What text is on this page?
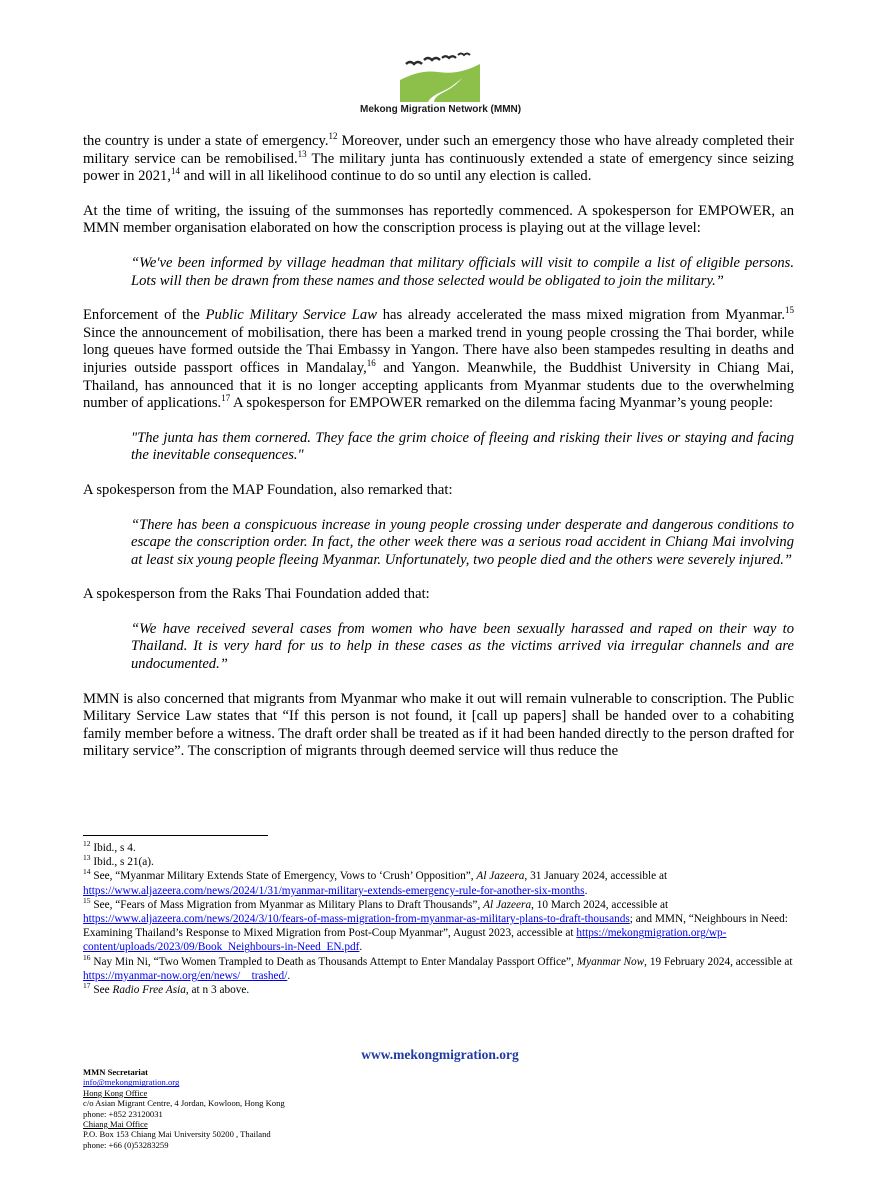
Mekong Migration Network (MMN)

the country is under a state of emergency.$^{12}$ Moreover, under such an emergency those who have already completed their military service can be remobilised.$^{13}$ The military junta has continuously extended a state of emergency since seizing power in 2021,14 and will in all likelihood continue to do so until any election is called.

At the time of writing, the issuing of the summonses has reportedly commenced. A spokesperson for EMPOWER, an MMN member organisation elaborated on how the conscription process is playing out at the village level:

“We've been informed by village headman that military officials will visit to compile a list of eligible persons. Lots will then be drawn from these names and those selected would be obligated to join the military.”

Enforcement of the Public Military Service Law has already accelerated the mass mixed migration from Myanmar.$^{15}$ Since the announcement of mobilisation, there has been a marked trend in young people crossing the Thai border, while long queues have formed outside the Thai Embassy in Yangon. There have also been stampedes resulting in deaths and injuries outside passport offices in Mandalay,$^{16}$ and Yangon. Meanwhile, the Buddhist University in Chiang Mai, Thailand, has announced that it is no longer accepting applicants from Myanmar students due to the overwhelming number of applications.$^{17}$ A spokesperson for EMPOWER remarked on the dilemma facing Myanmar’s young people:

"The junta has them cornered. They face the grim choice of fleeing and risking their lives or staying and facing the inevitable consequences."

A spokesperson from the MAP Foundation, also remarked that:

“There has been a conspicuous increase in young people crossing under desperate and dangerous conditions to escape the conscription order. In fact, the other week there was a serious road accident in Chiang Mai involving at least six young people fleeing Myanmar. Unfortunately, two people died and the others were severely injured.”

A spokesperson from the Raks Thai Foundation added that:

“We have received several cases from women who have been sexually harassed and raped on their way to Thailand. It is very hard for us to help in these cases as the victims arrived via irregular channels and are undocumented.”

MMN is also concerned that migrants from Myanmar who make it out will remain vulnerable to conscription. The Public Military Service Law states that “If this person is not found, it [call up papers] shall be handed over to a cohabiting family member before a witness. The draft order shall be treated as if it had been handed directly to the person drafted for military service”. The conscription of migrants through deemed service will thus reduce the

$^{12}$ Ibid., s 4.

$^{13}$ Ibid., s 21(a).

$^{14}$ See, “Myanmar Military Extends State of Emergency, Vows to ‘Crush’ Opposition”, Al Jazeera, 31 January 2024, accessible at https://www.aljazeera.com/news/2024/1/31/myanmar-military-extends-emergency-rule-for-another-six-months.

$^{15}$ See, “Fears of Mass Migration from Myanmar as Military Plans to Draft Thousands”, Al Jazeera, 10 March 2024, accessible at https://www.aljazeera.com/news/2024/3/10/fears-of-mass-migration-from-myanmar-as-military-plans-to-draft-thousands; and MMN, “Neighbours in Need: Examining Thailand’s Response to Mixed Migration from Post-Coup Myanmar”, August 2023, accessible at https://mekongmigration.org/wp-content/uploads/2023/09/Book_Neighbours-in-Need_EN.pdf.

$^{16}$ Nay Min Ni, “Two Women Trampled to Death as Thousands Attempt to Enter Mandalay Passport Office”, Myanmar Now, 19 February 2024, accessible at https://myanmar-now.org/en/news/__trashed/.

$^{17}$ See Radio Free Asia, at n 3 above.

www.mekongmigration.org
MMN Secretariat
info@mekongmigration.org
Hong Kong Office
c/o Asian Migrant Centre, 4 Jordan, Kowloon, Hong Kong
phone: +852 23120031
Chiang Mai Office
P.O. Box 153 Chiang Mai University 50200 , Thailand
phone: +66 (0)53283259
